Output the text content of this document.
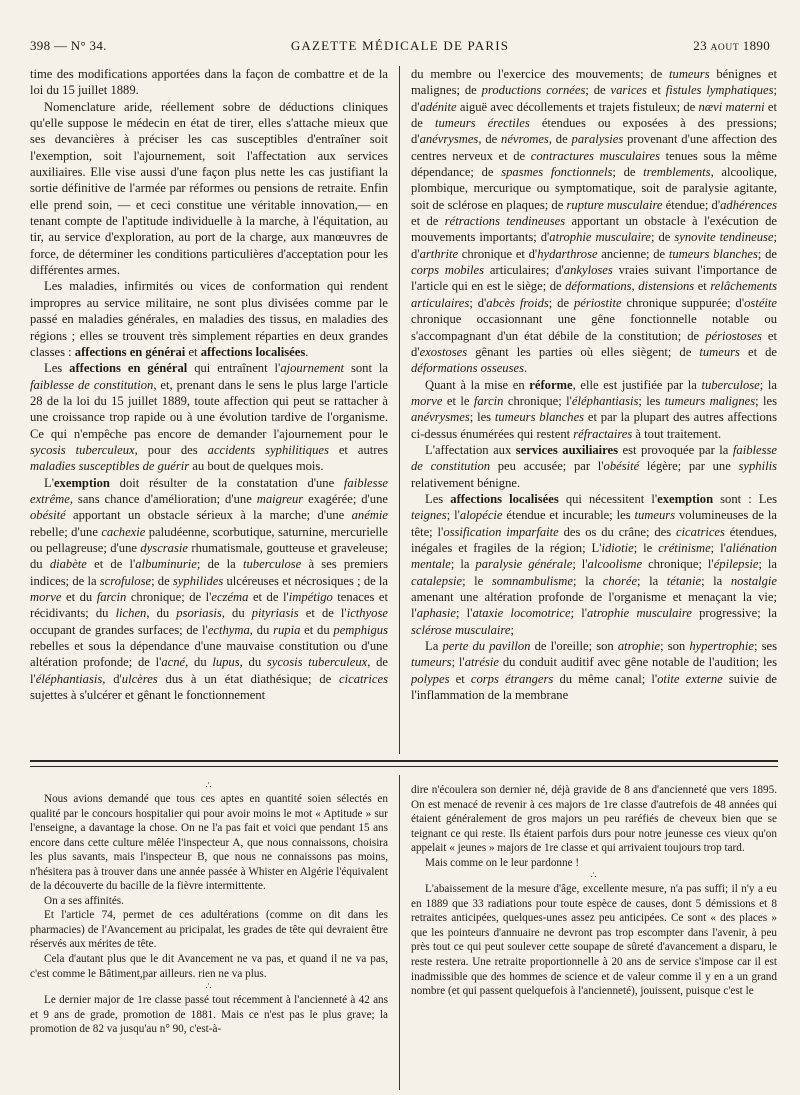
398 — N° 34.	GAZETTE MÉDICALE DE PARIS	23 AOUT 1890

time des modifications apportées dans la façon de combattre et de la loi du 15 juillet 1889.

Nomenclature aride, réellement sobre de déductions cliniques qu'elle suppose le médecin en état de tirer, elles s'attache mieux que ses devancières à préciser les cas susceptibles d'entraîner soit l'exemption, soit l'ajournement, soit l'affectation aux services auxiliaires. Elle vise aussi d'une façon plus nette les cas justifiant la sortie définitive de l'armée par réformes ou pensions de retraite. Enfin elle prend soin, — et ceci constitue une véritable innovation,— en tenant compte de l'aptitude individuelle à la marche, à l'équitation, au tir, au service d'exploration, au port de la charge, aux manœuvres de force, de déterminer les conditions particulières d'acceptation pour les différentes armes.

Les maladies, infirmités ou vices de conformation qui rendent impropres au service militaire, ne sont plus divisées comme par le passé en maladies générales, en maladies des tissus, en maladies des régions ; elles se trouvent très simplement réparties en deux grandes classes : affections en générai et affections localisées.

Les affections en général qui entraînent l'ajournement sont la faiblesse de constitution, et, prenant dans le sens le plus large l'article 28 de la loi du 15 juillet 1889, toute affection qui peut se rattacher à une croissance trop rapide ou à une évolution tardive de l'organisme. Ce qui n'empêche pas encore de demander l'ajournement pour le sycosis tuberculeux, pour des accidents syphilitiques et autres maladies susceptibles de guérir au bout de quelques mois.

L'exemption doit résulter de la constatation d'une faiblesse extrême, sans chance d'amélioration; d'une maigreur exagérée; d'une obésité apportant un obstacle sérieux à la marche; d'une anémie rebelle; d'une cachexie paludéenne, scorbutique, saturnine, mercurielle ou pellagreuse; d'une dyscrasie rhumatismale, goutteuse et graveleuse; du diabète et de l'albuminurie; de la tuberculose à ses premiers indices; de la scrofulose; de syphilides ulcéreuses et nécrosiques ; de la morve et du farcin chronique; de l'eczéma et de l'impétigo tenaces et récidivants; du lichen, du psoriasis, du pityriasis et de l'icthyose occupant de grandes surfaces; de l'ecthyma, du rupia et du pemphigus rebelles et sous la dépendance d'une mauvaise constitution ou d'une altération profonde; de l'acné, du lupus, du sycosis tuberculeux, de l'éléphantiasis, d'ulcères dus à un état diathésique; de cicatrices sujettes à s'ulcérer et gênant le fonctionnement

du membre ou l'exercice des mouvements; de tumeurs bénignes et malignes; de productions cornées; de varices et fistules lymphatiques; d'adénite aiguë avec décollements et trajets fistuleux; de nævi materni et de tumeurs érectiles étendues ou exposées à des pressions; d'anévrysmes, de névromes, de paralysies provenant d'une affection des centres nerveux et de contractures musculaires tenues sous la même dépendance; de spasmes fonctionnels; de tremblements, alcoolique, plombique, mercurique ou symptomatique, soit de paralysie agitante, soit de sclérose en plaques; de rupture musculaire étendue; d'adhérences et de rétractions tendineuses apportant un obstacle à l'exécution de mouvements importants; d'atrophie musculaire; de synovite tendineuse; d'arthrite chronique et d'hydarthrose ancienne; de tumeurs blanches; de corps mobiles articulaires; d'ankyloses vraies suivant l'importance de l'article qui en est le siège; de déformations, distensions et relâchements articulaires; d'abcès froids; de périostite chronique suppurée; d'ostéite chronique occasionnant une gêne fonctionnelle notable ou s'accompagnant d'un état débile de la constitution; de périostoses et d'exostoses gênant les parties où elles siègent; de tumeurs et de déformations osseuses.

Quant à la mise en réforme, elle est justifiée par la tuberculose; la morve et le farcin chronique; l'éléphantiasis; les tumeurs malignes; les anévrysmes; les tumeurs blanches et par la plupart des autres affections ci-dessus énumérées qui restent réfractaires à tout traitement.

L'affectation aux services auxiliaires est provoquée par la faiblesse de constitution peu accusée; par l'obésité légère; par une syphilis relativement bénigne.

Les affections localisées qui nécessitent l'exemption sont : Les teignes; l'alopécie étendue et incurable; les tumeurs volumineuses de la tête; l'ossification imparfaite des os du crâne; des cicatrices étendues, inégales et fragiles de la région; L'idiotie; le crétinisme; l'aliénation mentale; la paralysie générale; l'alcoolisme chronique; l'épilepsie; la catalepsie; le somnambulisme; la chorée; la tétanie; la nostalgie amenant une altération profonde de l'organisme et menaçant la vie; l'aphasie; l'ataxie locomotrice; l'atrophie musculaire progressive; la sclérose musculaire;

La perte du pavillon de l'oreille; son atrophie; son hypertrophie; ses tumeurs; l'atrésie du conduit auditif avec gêne notable de l'audition; les polypes et corps étrangers du même canal; l'otite externe suivie de l'inflammation de la membrane

∴

Nous avions demandé que tous ces aptes en quantité soien sélectés en qualité par le concours hospitalier qui pour avoir moins le mot « Aptitude » sur l'enseigne, a davantage la chose. On ne l'a pas fait et voici que pendant 15 ans encore dans cette culture mêlée l'inspecteur A, que nous connaissons, choisira les plus savants, mais l'inspecteur B, que nous ne connaissons pas moins, n'hésitera pas à trouver dans une année passée à Whister en Algérie l'équivalent de la découverte du bacille de la fièvre intermittente.

On a ses affinités.

Et l'article 74, permet de ces adultérations (comme on dit dans les pharmacies) de l'Avancement au pricipalat, les grades de tête qui devraient être réservés aux mérites de tête.

Cela d'autant plus que le dit Avancement ne va pas, et quand il ne va pas, c'est comme le Bâtiment,par ailleurs. rien ne va plus.

∴

Le dernier major de 1re classe passé tout récemment à l'ancienneté à 42 ans et 9 ans de grade, promotion de 1881. Mais ce n'est pas le plus grave; la promotion de 82 va jusqu'au n° 90, c'est-à-

dire n'écoulera son dernier né, déjà gravide de 8 ans d'ancienneté que vers 1895. On est menacé de revenir à ces majors de 1re classe d'autrefois de 48 années qui étaient généralement de gros majors un peu raréfiés de cheveux bien que se teignant ce qui reste. Ils étaient parfois durs pour notre jeunesse ces vieux qu'on appelait « jeunes » majors de 1re classe et qui arrivaient toujours trop tard.

Mais comme on le leur pardonne !

∴

L'abaissement de la mesure d'âge, excellente mesure, n'a pas suffi; il n'y a eu en 1889 que 33 radiations pour toute espèce de causes, dont 5 démissions et 8 retraites anticipées, quelques-unes assez peu anticipées. Ce sont « des places » que les pointeurs d'annuaire ne devront pas trop escompter dans l'avenir, à peu près tout ce qui peut soulever cette soupape de sûreté d'avancement a disparu, le reste restera. Une retraite proportionnelle à 20 ans de service s'impose car il est inadmissible que des hommes de science et de valeur comme il y en a un grand nombre (et qui passent quelquefois à l'ancienneté), jouissent, puisque c'est le
